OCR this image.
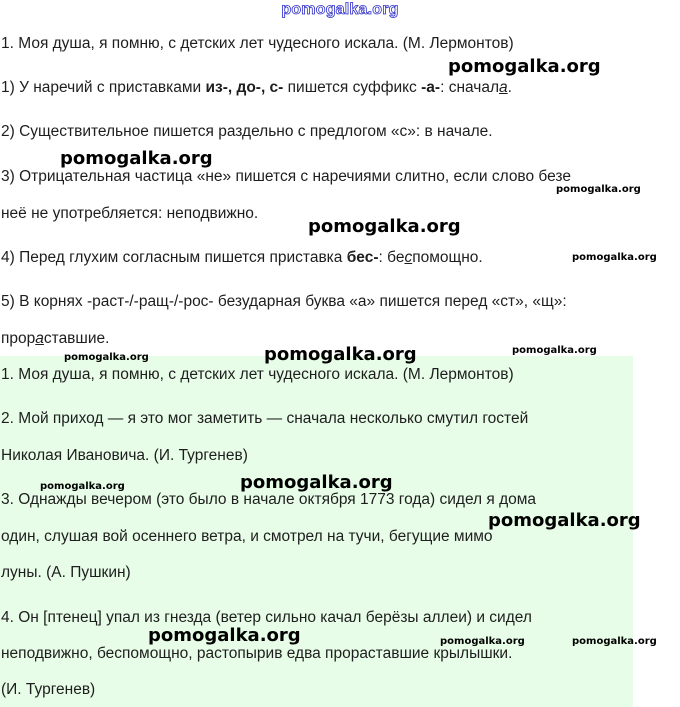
pomogalka.org
1. Моя душа, я помню, с детских лет чудесного искала. (М. Лермонтов)
1) У наречий с приставками из-, до-, с- пишется суффикс -а-: сначала.
2) Существительное пишется раздельно с предлогом «с»: в начале.
3) Отрицательная частица «не» пишется с наречиями слитно, если слово безе
неё не употребляется: неподвижно.
4) Перед глухим согласным пишется приставка бес-: беспомощно.
5) В корнях -раст-/-ращ-/-рос- безударная буква «а» пишется перед «ст», «щ»:
прораставшие.
1. Моя душа, я помню, с детских лет чудесного искала. (М. Лермонтов)
2. Мой приход — я это мог заметить — сначала несколько смутил гостей
Николая Ивановича. (И. Тургенев)
3. Однажды вечером (это было в начале октября 1773 года) сидел я дома
один, слушая вой осеннего ветра, и смотрел на тучи, бегущие мимо
луны. (А. Пушкин)
4. Он [птенец] упал из гнезда (ветер сильно качал берёзы аллеи) и сидел
неподвижно, беспомощно, растопырив едва прораставшие крылышки.
(И. Тургенев)
pomogalka.org
pomogalka.org
pomogalka.org
pomogalka.org
pomogalka.org
pomogalka.org
pomogalka.org
pomogalka.org
pomogalka.org
pomogalka.org
pomogalka.org
pomogalka.org	pomogalka.org	pomogalka.org
